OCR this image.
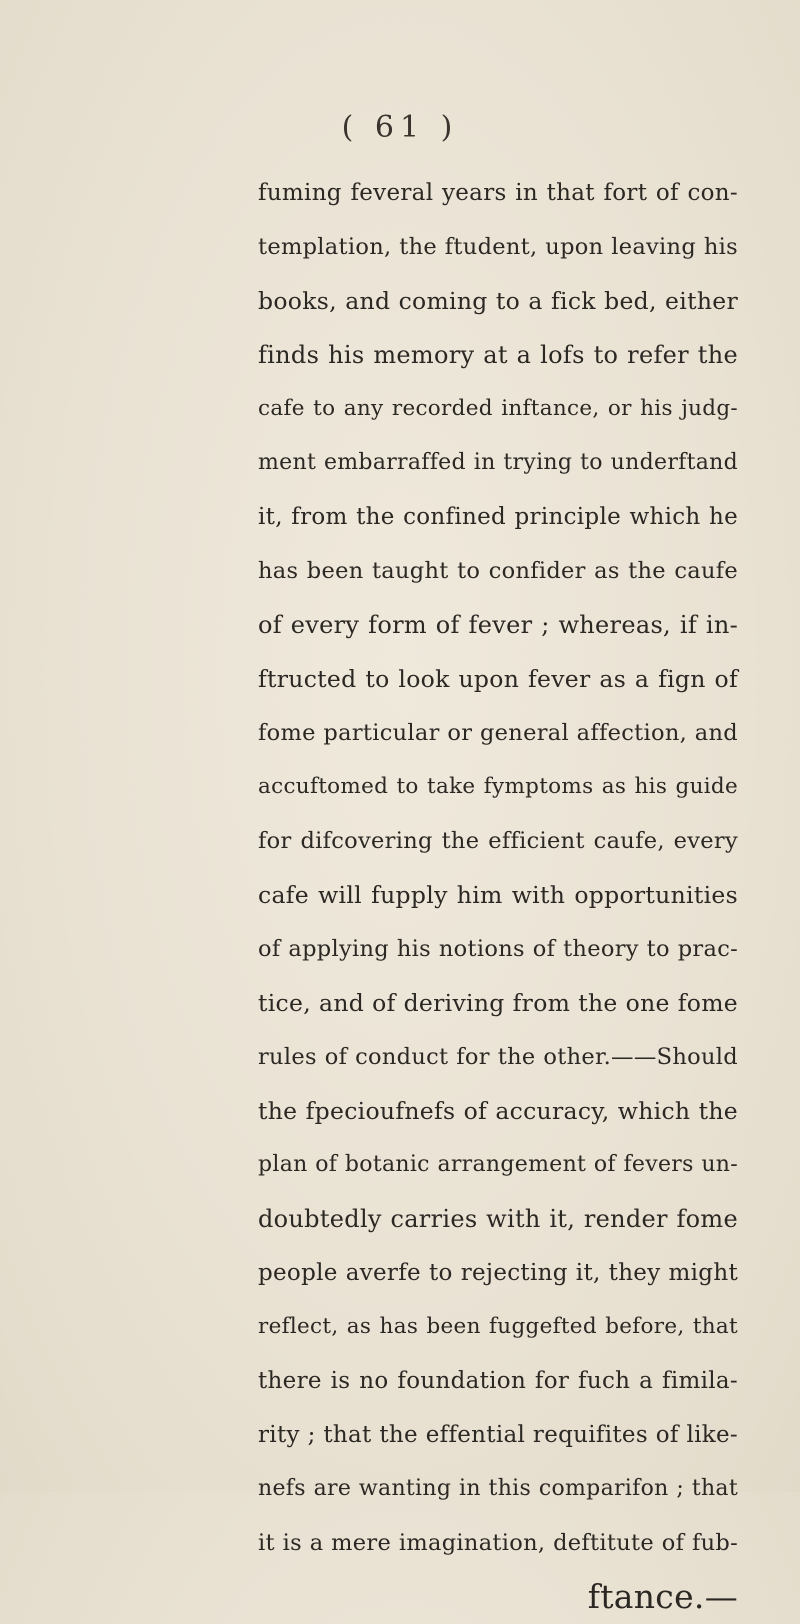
( 61 )
fuming feveral years in that fort of con-
templation, the ftudent, upon leaving his
books, and coming to a fick bed, either
finds his memory at a lofs to refer the
cafe to any recorded inftance, or his judg-
ment embarraffed in trying to underftand
it, from the confined principle which he
has been taught to confider as the caufe
of every form of fever ; whereas, if in-
ftructed to look upon fever as a fign of
fome particular or general affection, and
accuftomed to take fymptoms as his guide
for difcovering the efficient caufe, every
cafe will fupply him with opportunities
of applying his notions of theory to prac-
tice, and of deriving from the one fome
rules of conduct for the other.——Should
the fpecioufnefs of accuracy, which the
plan of botanic arrangement of fevers un-
doubtedly carries with it, render fome
people averfe to rejecting it, they might
reflect, as has been fuggefted before, that
there is no foundation for fuch a fimila-
rity ; that the effential requifites of like-
nefs are wanting in this comparifon ; that
it is a mere imagination, deftitute of fub-
ftance.—
